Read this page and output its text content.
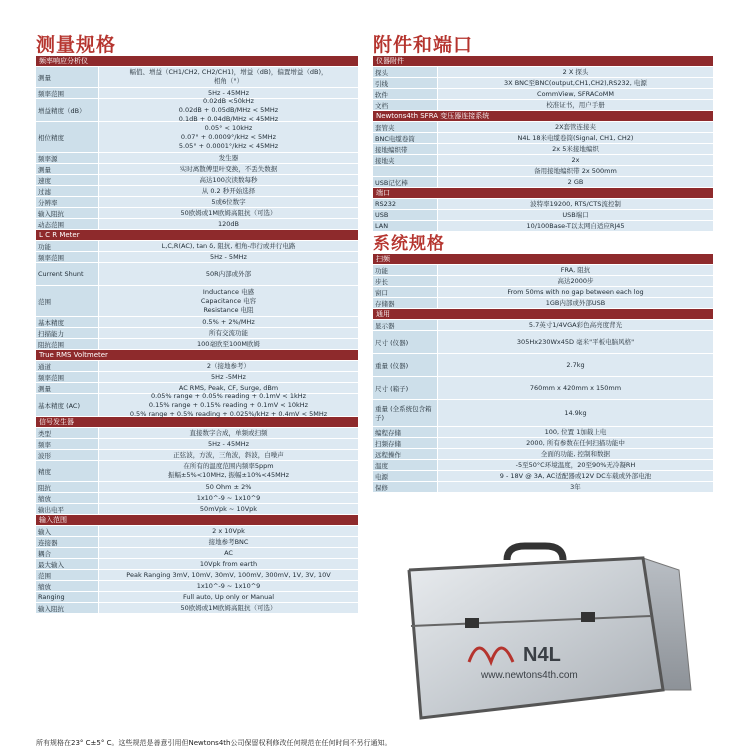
测量规格
频率响应分析仪
测量
幅值、增益（CH1/CH2, CH2/CH1)，增益（dB)，偏置增益（dB)，
相角（°）
频率范围	5Hz - 45MHz
增益精度（dB）
0.02dB <50kHz
0.02dB + 0.05dB/MHz < 5MHz
0.1dB + 0.04dB/MHz < 45MHz
相位精度
0.05° < 10kHz
0.07° + 0.0009°/kHz < 5MHz
5.05° + 0.0001°/kHz < 45MHz
频率源	发生器
测量	实时离散傅里叶变换，不丢失数据
速度	高达100次读数每秒
过滤	从 0.2 秒开始选择
分辨率	5或6位数字
输入阻抗	50欧姆或1M欧姆高阻抗（可选）
动态范围	120dB
L C R Meter
功能	L,C,R(AC), tan δ, 阻抗, 相角-串行或并行电路
频率范围	5Hz - 5MHz
Current Shunt	50R内部或外部
范围
Inductance 电感
Capacitance 电容
Resistance 电阻
基本精度	0.5% + 2%/MHz
扫描能力	所有交流功能
阻抗范围	100毫欧至100M欧姆
True RMS Voltmeter
通道	2（接地参考）
频率范围	5Hz -5MHz
测量	AC RMS, Peak, CF, Surge, dBm
基本精度 (AC)
0.05% range + 0.05% reading + 0.1mV < 1kHz
0.15% range + 0.15% reading + 0.1mV < 10kHz
0.5% range + 0.5% reading + 0.025%/kHz + 0.4mV < 5MHz
信号发生器
类型	直接数字合成，单频或扫频
频率	5Hz - 45MHz
波形	正弦波，方波，三角波，斜波，白噪声
精度
在所有的温度范围内频率5ppm
振幅±5%<10MHz, 振幅±10%<45MHz
阻抗	50 Ohm ± 2%
缩放	1x10^-9 ~ 1x10^9
输出电平	50mVpk ~ 10Vpk
输入范围
输入	2 x 10Vpk
连接器	接地参考BNC
耦合	AC
最大输入	10Vpk from earth
范围	Peak Ranging 3mV, 10mV, 30mV, 100mV, 300mV, 1V, 3V, 10V
缩放	1x10^-9 ~ 1x10^9
Ranging	Full auto, Up only or Manual
输入阻抗	50欧姆或1M欧姆高阻抗（可选）
附件和端口
仪器附件
探头	2 X 探头
引线	3X BNC至BNC(output,CH1,CH2),RS232, 电源
软件	CommView, SFRACoMM
文档	校准证书，用户手册
Newtons4th SFRA 变压器连接系统
套管夹	2X套管连接夹
BNC电缆卷筒	N4L 18米电缆卷筒(Signal, CH1, CH2)
接地编织带	2x 5米接地编织
接地夹	2x
备用接地编织带 2x 500mm
USB记忆棒	2 GB
端口
RS232	波特率19200, RTS/CTS流控制
USB	USB端口
LAN	10/100Base-T以太网自适应RJ45
系统规格
扫频
功能	FRA, 阻抗
步长	高达2000步
窗口	From 50ms with no gap between each log
存储器	1GB内部或外部USB
通用
显示器	5.7英寸1/4VGA彩色高亮度背光
尺寸 (仪器)	305Hx230Wx45D 毫米"平板电脑风格"
重量 (仪器)	2.7kg
尺寸 (箱子)	760mm x 420mm x 150mm
重量 (全系统包含箱子)
14.9kg
编程存储	100, 位置 1加载上电
扫频存储	2000, 所有参数在任何扫描功能中
远程操作	全面的功能, 控制和数据
温度	-5至50°C环境温度，20至90%无冷凝RH
电源	9 - 18V @ 3A, AC适配器或12V DC车载或外部电池
保修	3年
N4L
www.newtons4th.com
所有规格在23° C±5° C。这些规范是善意引用但Newtons4th公司保留权利修改任何规范在任何时间不另行通知。
